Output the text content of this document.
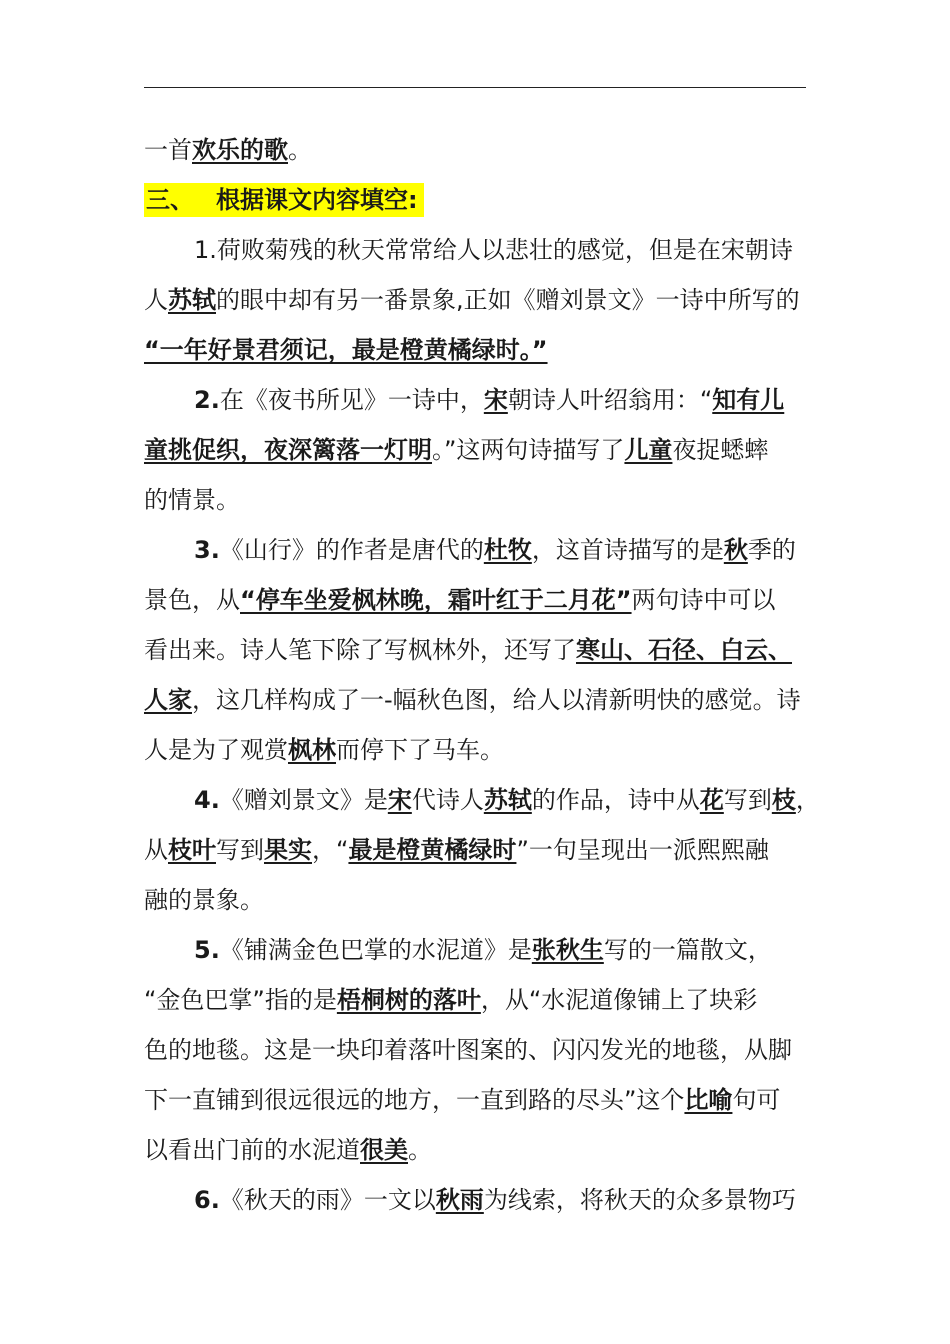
一首欢乐的歌。
三、 根据课文内容填空:
1.荷败菊残的秋天常常给人以悲壮的感觉，但是在宋朝诗
人苏轼的眼中却有另一番景象,正如《赠刘景文》一诗中所写的
“一年好景君须记，最是橙黄橘绿时。”
2.在《夜书所见》一诗中，宋朝诗人叶绍翁用：“知有儿
童挑促织，夜深篱落一灯明。”这两句诗描写了儿童夜捉蟋蟀
的情景。
3.《山行》的作者是唐代的杜牧，这首诗描写的是秋季的
景色，从“停车坐爱枫林晚，霜叶红于二月花”两句诗中可以
看出来。诗人笔下除了写枫林外，还写了寒山、石径、白云、
人家，这几样构成了一-幅秋色图，给人以清新明快的感觉。诗
人是为了观赏枫林而停下了马车。
4.《赠刘景文》是宋代诗人苏轼的作品，诗中从花写到枝，
从枝叶写到果实，“最是橙黄橘绿时”一句呈现出一派熙熙融
融的景象。
5.《铺满金色巴掌的水泥道》是张秋生写的一篇散文，
“金色巴掌”指的是梧桐树的落叶，从“水泥道像铺上了块彩
色的地毯。这是一块印着落叶图案的、闪闪发光的地毯，从脚
下一直铺到很远很远的地方，一直到路的尽头”这个比喻句可
以看出门前的水泥道很美。
6.《秋天的雨》一文以秋雨为线索，将秋天的众多景物巧
